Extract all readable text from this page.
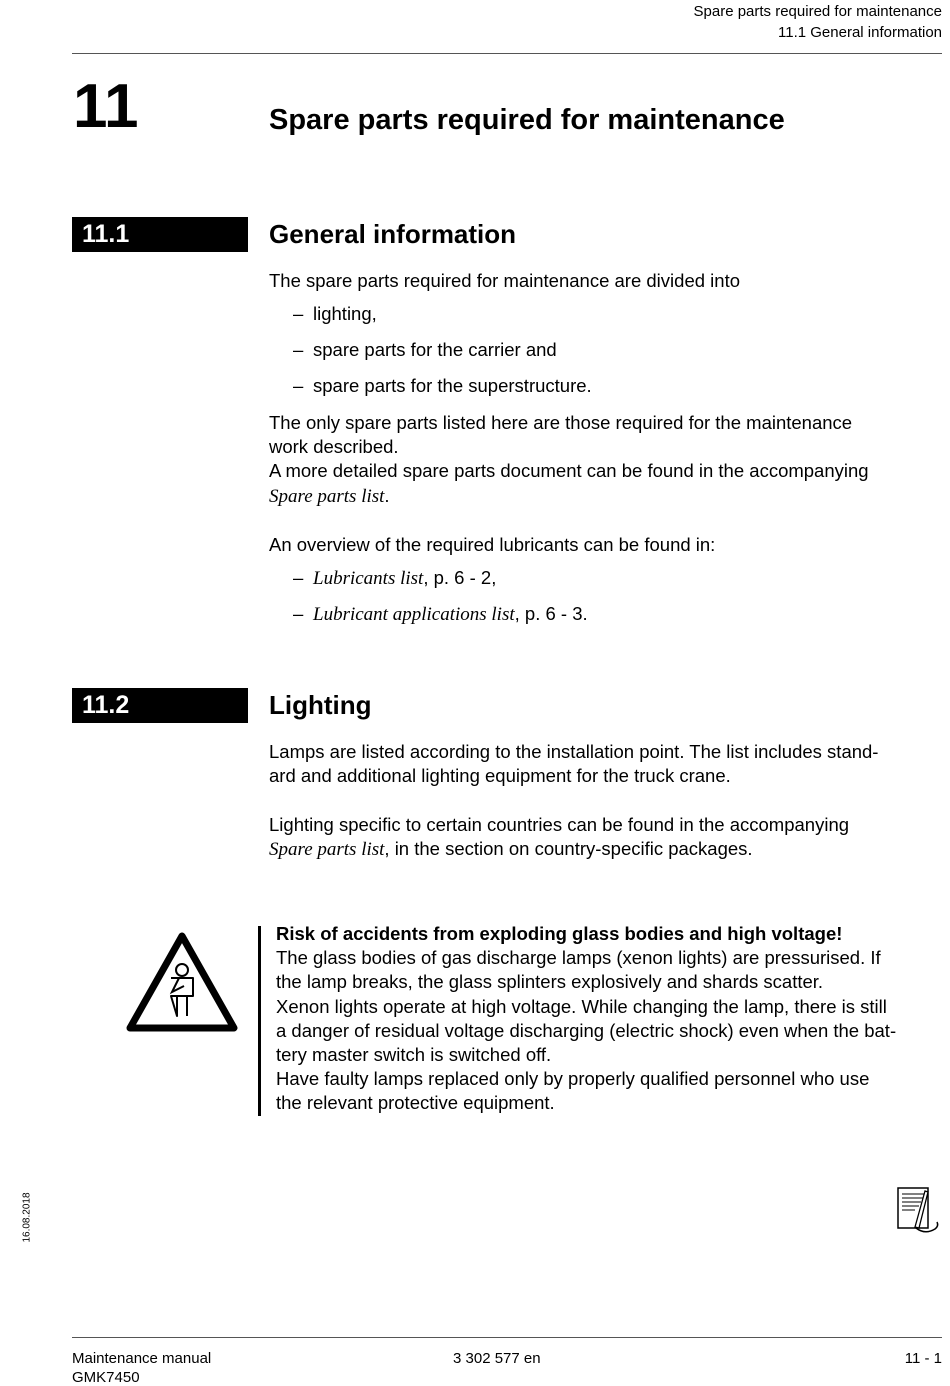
Spare parts required for maintenance
11.1 General information
11	Spare parts required for maintenance
11.1	General information
The spare parts required for maintenance are divided into
– lighting,
– spare parts for the carrier and
– spare parts for the superstructure.
The only spare parts listed here are those required for the maintenance
work described.
A more detailed spare parts document can be found in the accompanying
Spare parts list.
An overview of the required lubricants can be found in:
– Lubricants list, p. 6 - 2,
– Lubricant applications list, p. 6 - 3.
11.2	Lighting
Lamps are listed according to the installation point. The list includes stand-
ard and additional lighting equipment for the truck crane.
Lighting specific to certain countries can be found in the accompanying
Spare parts list, in the section on country-specific packages.
Risk of accidents from exploding glass bodies and high voltage!
The glass bodies of gas discharge lamps (xenon lights) are pressurised. If
the lamp breaks, the glass splinters explosively and shards scatter.
Xenon lights operate at high voltage. While changing the lamp, there is still
a danger of residual voltage discharging (electric shock) even when the bat-
tery master switch is switched off.
Have faulty lamps replaced only by properly qualified personnel who use
the relevant protective equipment.
16.08.2018
Maintenance manual
GMK7450
3 302 577 en	11 - 1
